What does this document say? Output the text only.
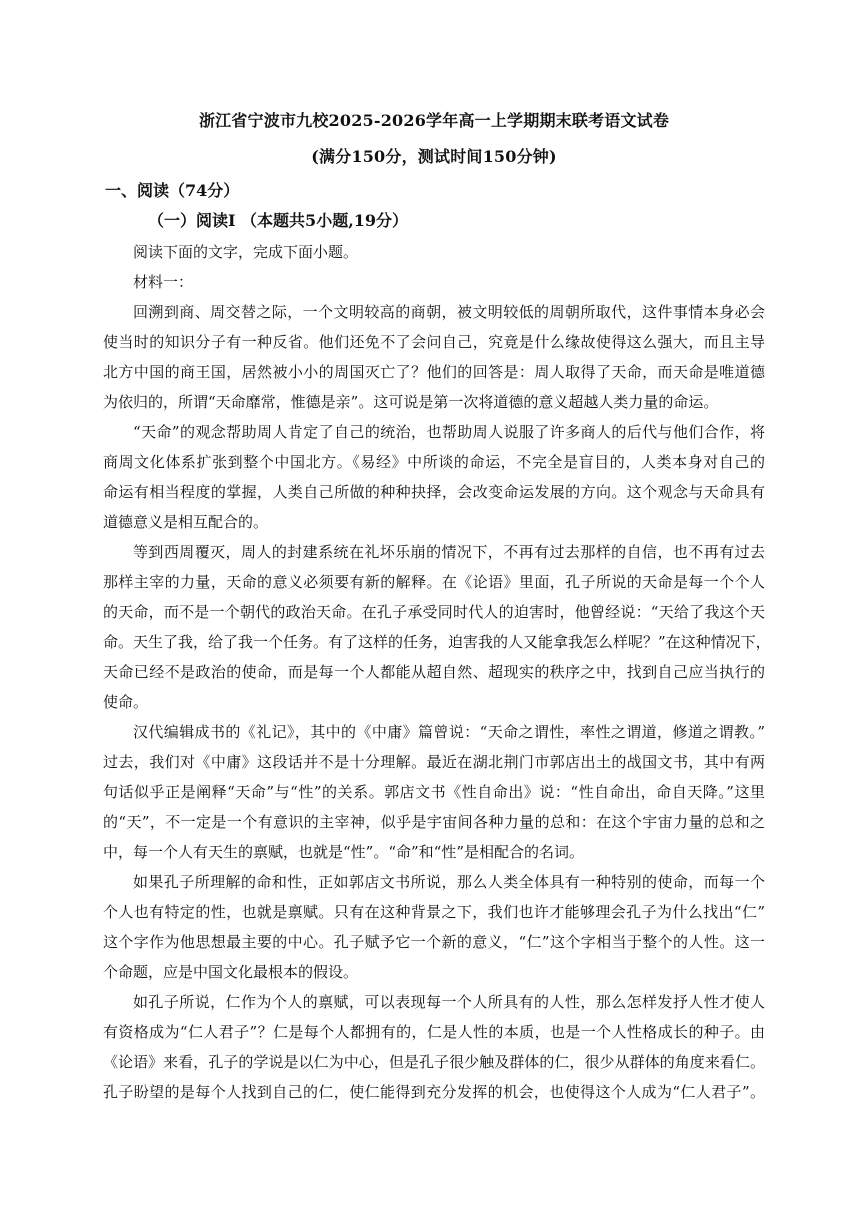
浙江省宁波市九校2025-2026学年高一上学期期末联考语文试卷
(满分150分，测试时间150分钟)
一、阅读（74分）
（一）阅读Ⅰ （本题共5小题,19分）
阅读下面的文字，完成下面小题。
材料一：
回溯到商、周交替之际，一个文明较高的商朝，被文明较低的周朝所取代，这件事情本身必会
使当时的知识分子有一种反省。他们还免不了会问自己，究竟是什么缘故使得这么强大，而且主导
北方中国的商王国，居然被小小的周国灭亡了？他们的回答是：周人取得了天命，而天命是唯道德
为依归的，所谓“天命靡常，惟德是亲”。这可说是第一次将道德的意义超越人类力量的命运。
“天命”的观念帮助周人肯定了自己的统治，也帮助周人说服了许多商人的后代与他们合作，将
商周文化体系扩张到整个中国北方。《易经》中所谈的命运，不完全是盲目的，人类本身对自己的
命运有相当程度的掌握，人类自己所做的种种抉择，会改变命运发展的方向。这个观念与天命具有
道德意义是相互配合的。
等到西周覆灭，周人的封建系统在礼坏乐崩的情况下，不再有过去那样的自信，也不再有过去
那样主宰的力量，天命的意义必须要有新的解释。在《论语》里面，孔子所说的天命是每一个个人
的天命，而不是一个朝代的政治天命。在孔子承受同时代人的迫害时，他曾经说：“天给了我这个天
命。天生了我，给了我一个任务。有了这样的任务，迫害我的人又能拿我怎么样呢？”在这种情况下，
天命已经不是政治的使命，而是每一个人都能从超自然、超现实的秩序之中，找到自己应当执行的
使命。
汉代编辑成书的《礼记》，其中的《中庸》篇曾说：“天命之谓性，率性之谓道，修道之谓教。”
过去，我们对《中庸》这段话并不是十分理解。最近在湖北荆门市郭店出土的战国文书，其中有两
句话似乎正是阐释“天命”与“性”的关系。郭店文书《性自命出》说：“性自命出，命自天降。”这里
的“天”，不一定是一个有意识的主宰神，似乎是宇宙间各种力量的总和：在这个宇宙力量的总和之
中，每一个人有天生的禀赋，也就是“性”。“命”和“性”是相配合的名词。
如果孔子所理解的命和性，正如郭店文书所说，那么人类全体具有一种特别的使命，而每一个
个人也有特定的性，也就是禀赋。只有在这种背景之下，我们也许才能够理会孔子为什么找出“仁”
这个字作为他思想最主要的中心。孔子赋予它一个新的意义，“仁”这个字相当于整个的人性。这一
个命题，应是中国文化最根本的假设。
如孔子所说，仁作为个人的禀赋，可以表现每一个人所具有的人性，那么怎样发抒人性才使人
有资格成为“仁人君子”？仁是每个人都拥有的，仁是人性的本质，也是一个人性格成长的种子。由
《论语》来看，孔子的学说是以仁为中心，但是孔子很少触及群体的仁，很少从群体的角度来看仁。
孔子盼望的是每个人找到自己的仁，使仁能得到充分发挥的机会，也使得这个人成为“仁人君子”。
